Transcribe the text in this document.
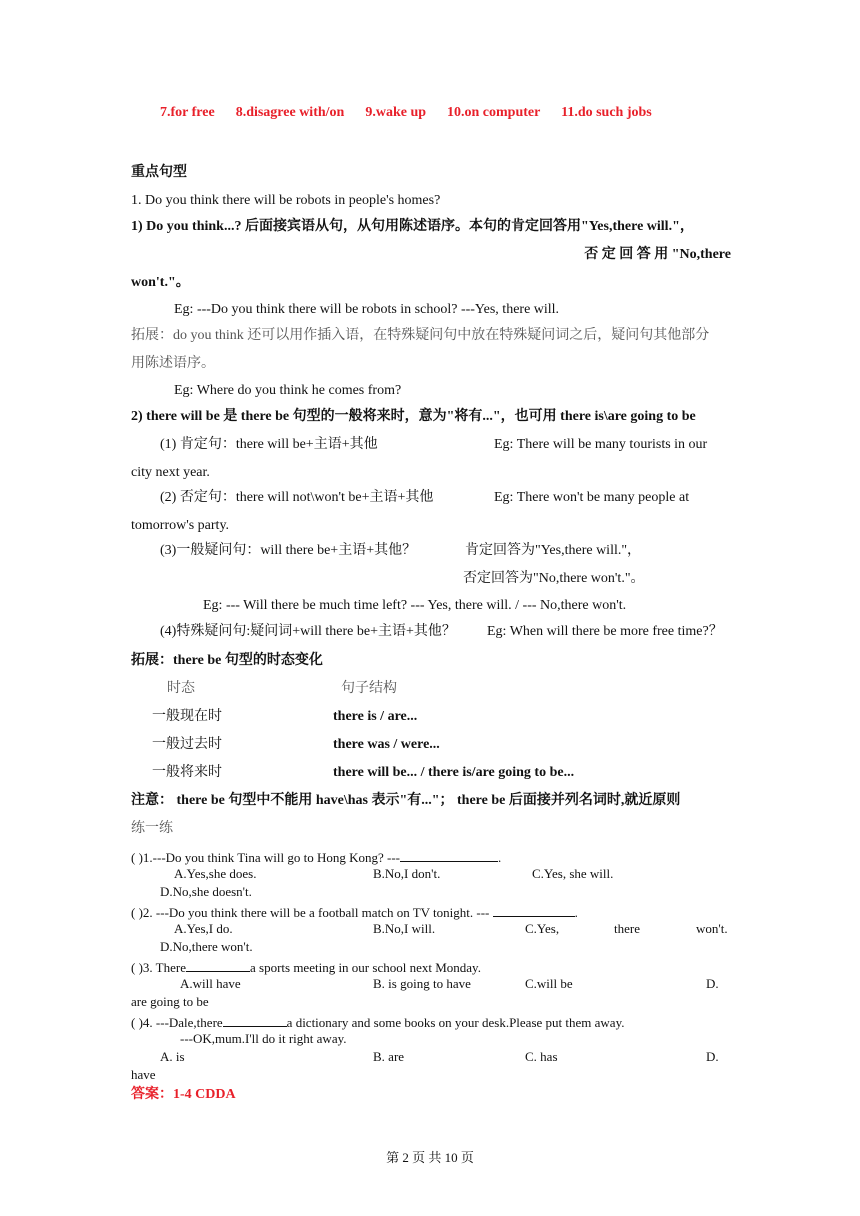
7.for free 8.disagree with/on 9.wake up 10.on computer 11.do such jobs
重点句型
1. Do you think there will be robots in people's homes?
1) Do you think...? 后面接宾语从句，从句用陈述语序。本句的肯定回答用"Yes,there will."，
否 定 回 答 用 "No,there
won't."。
Eg: ---Do you think there will be robots in school? ---Yes, there will.
拓展：do you think 还可以用作插入语，在特殊疑问句中放在特殊疑问词之后，疑问句其他部分
用陈述语序。
Eg: Where do you think he comes from?
2) there will be 是 there be 句型的一般将来时，意为"将有..."，也可用 there is\are going to be
(1) 肯定句：there will be+主语+其他	Eg: There will be many tourists in our
city next year.
(2) 否定句：there will not\won't be+主语+其他	Eg: There won't be many people at
tomorrow's party.
(3)一般疑问句：will there be+主语+其他？	肯定回答为"Yes,there will."，
否定回答为"No,there won't."。
Eg: --- Will there be much time left? --- Yes, there will. / --- No,there won't.
(4)特殊疑问句:疑问词+will there be+主语+其他？ Eg: When will there be more free time?？
拓展：there be 句型的时态变化
时态	句子结构
一般现在时	there is / are...
一般过去时	there was / were...
一般将来时	there will be... / there is/are going to be...
注意： there be 句型中不能用 have\has 表示"有..."； there be 后面接并列名词时,就近原则
练一练
( )1.---Do you think Tina will go to Hong Kong? ---	.
A.Yes,she does.	B.No,I don't.	C.Yes, she will.
D.No,she doesn't.
( )2. ---Do you think there will be a football match on TV tonight. ---	.
A.Yes,I do.	B.No,I will.	C.Yes,	there	won't.
D.No,there won't.
( )3. There	a sports meeting in our school next Monday.
A.will have	B. is going to have	C.will be	D.
are going to be
( )4. ---Dale,there	a dictionary and some books on your desk.Please put them away.
---OK,mum.I'll do it right away.
A. is	B. are	C. has	D.
have
答案：1-4 CDDA
第 2 页 共 10 页
